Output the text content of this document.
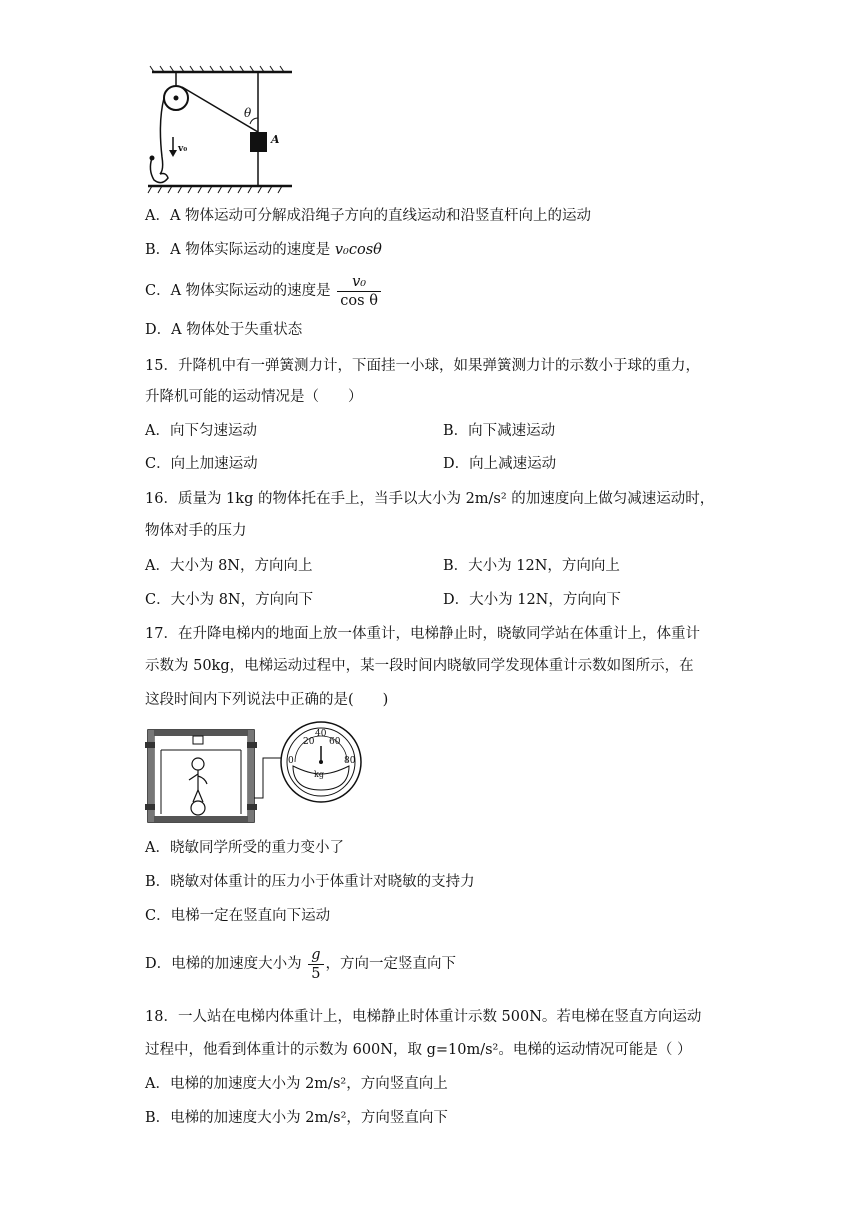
θ
A
v₀
A．A 物体运动可分解成沿绳子方向的直线运动和沿竖直杆向上的运动
B．A 物体实际运动的速度是 v₀cosθ
C．A 物体实际运动的速度是 $\frac{\text{v₀}}{\text{cos θ}}$
D．A 物体处于失重状态
15．升降机中有一弹簧测力计，下面挂一小球，如果弹簧测力计的示数小于球的重力，
升降机可能的运动情况是（　　）
A．向下匀速运动	B．向下减速运动
C．向上加速运动	D．向上减速运动
16．质量为 1kg 的物体托在手上，当手以大小为 2m/s² 的加速度向上做匀减速运动时，
物体对手的压力
A．大小为 8N，方向向上	B．大小为 12N，方向向上
C．大小为 8N，方向向下	D．大小为 12N，方向向下
17．在升降电梯内的地面上放一体重计，电梯静止时，晓敏同学站在体重计上，体重计
示数为 50kg，电梯运动过程中，某一段时间内晓敏同学发现体重计示数如图所示，在
这段时间内下列说法中正确的是(　　)
20
40
60
0	80
kg
A．晓敏同学所受的重力变小了
B．晓敏对体重计的压力小于体重计对晓敏的支持力
C．电梯一定在竖直向下运动
D．电梯的加速度大小为 $\frac{g}{5}$ ，方向一定竖直向下
18．一人站在电梯内体重计上，电梯静止时体重计示数 500N。若电梯在竖直方向运动
过程中，他看到体重计的示数为 600N，取 g=10m/s²。电梯的运动情况可能是（ ）
A．电梯的加速度大小为 2m/s²，方向竖直向上
B．电梯的加速度大小为 2m/s²，方向竖直向下
